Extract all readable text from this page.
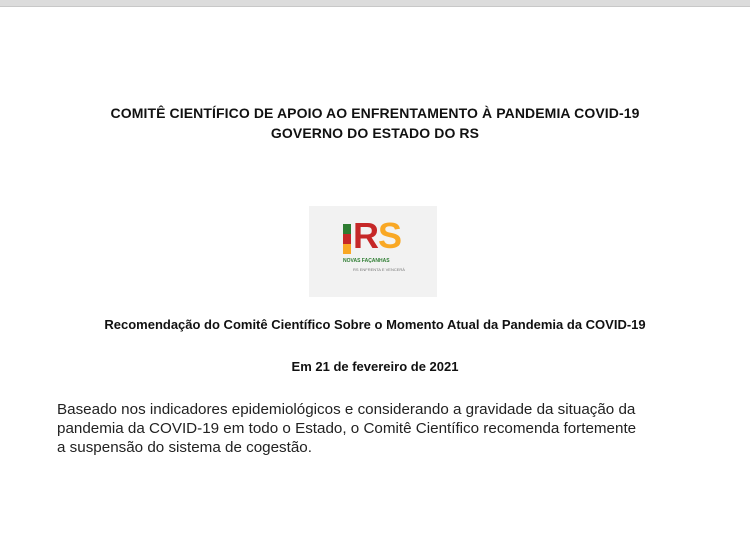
COMITÊ CIENTÍFICO DE APOIO AO ENFRENTAMENTO À PANDEMIA COVID-19
GOVERNO DO ESTADO DO RS
RS
NOVAS FAÇANHAS
RS ENFRENTA E VENCERÁ
Recomendação do Comitê Científico Sobre o Momento Atual da Pandemia da COVID-19
Em 21 de fevereiro de 2021
Baseado nos indicadores epidemiológicos e considerando a gravidade da situação da
pandemia da COVID-19 em todo o Estado, o Comitê Científico recomenda fortemente
a suspensão do sistema de cogestão.
